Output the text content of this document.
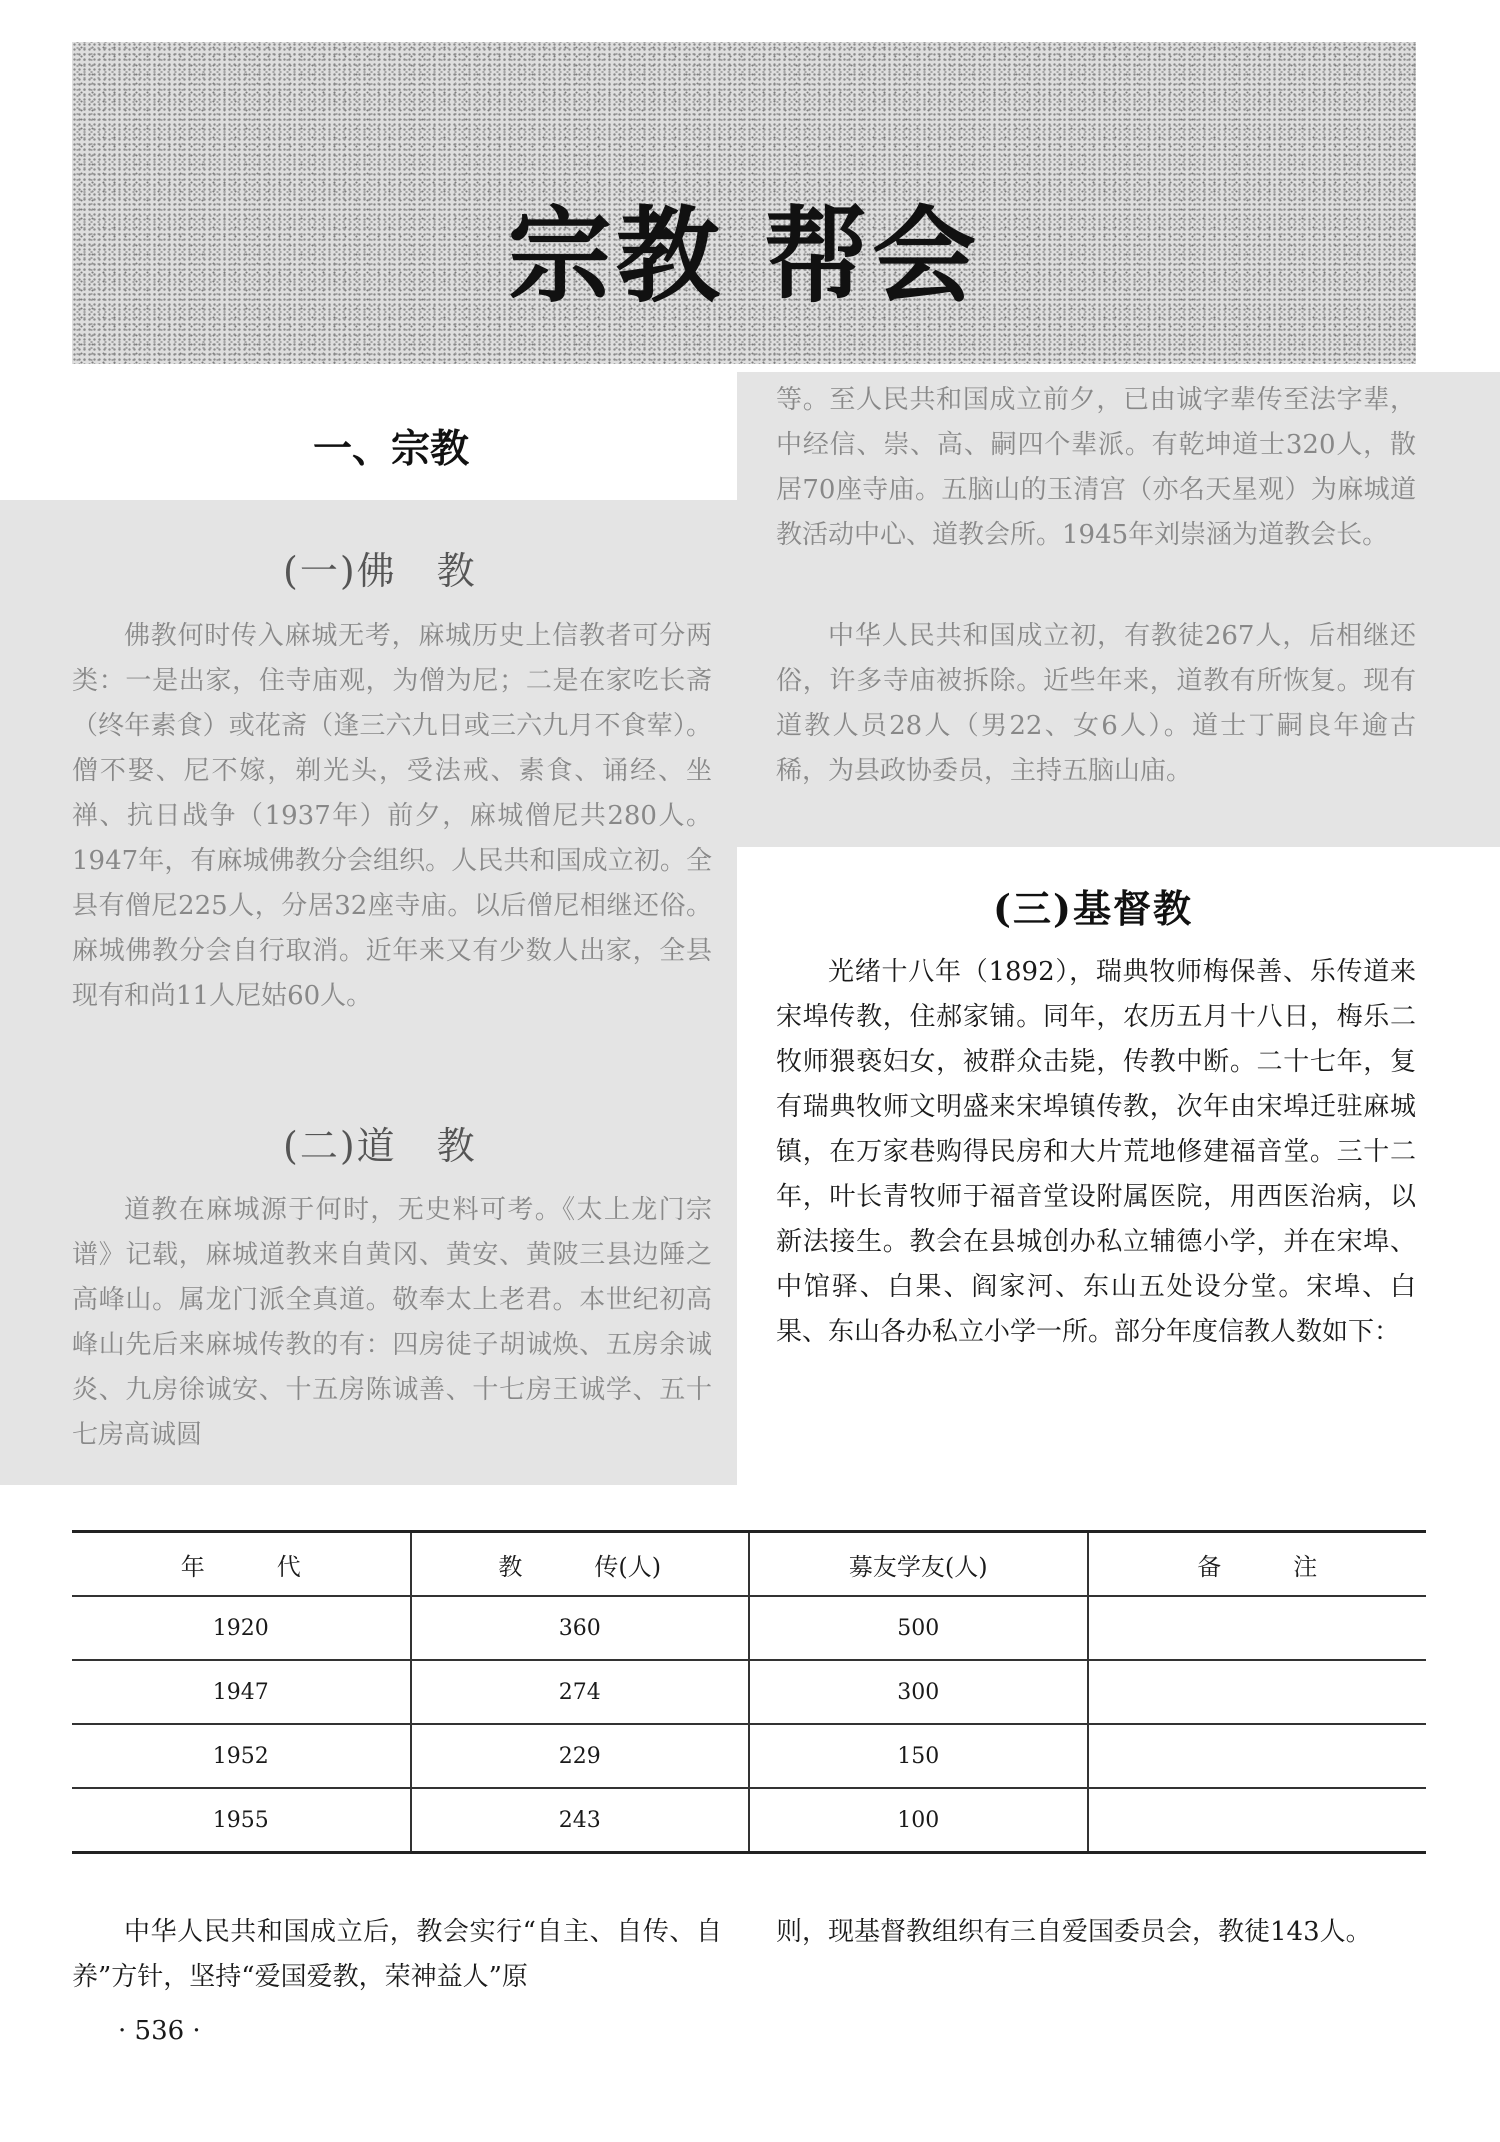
宗教 帮会
一、宗教
(一)佛　教

佛教何时传入麻城无考，麻城历史上信教者可分两类：一是出家，住寺庙观，为僧为尼；二是在家吃长斋（终年素食）或花斋（逢三六九日或三六九月不食荤）。僧不娶、尼不嫁，剃光头，受法戒、素食、诵经、坐禅、抗日战争（1937年）前夕，麻城僧尼共280人。1947年，有麻城佛教分会组织。人民共和国成立初。全县有僧尼225人，分居32座寺庙。以后僧尼相继还俗。麻城佛教分会自行取消。近年来又有少数人出家，全县现有和尚11人尼姑60人。

(二)道　教

道教在麻城源于何时，无史料可考。《太上龙门宗谱》记载，麻城道教来自黄冈、黄安、黄陂三县边陲之高峰山。属龙门派全真道。敬奉太上老君。本世纪初高峰山先后来麻城传教的有：四房徒子胡诚焕、五房余诚炎、九房徐诚安、十五房陈诚善、十七房王诚学、五十七房高诚圆

等。至人民共和国成立前夕，已由诚字辈传至法字辈，中经信、崇、高、嗣四个辈派。有乾坤道士320人，散居70座寺庙。五脑山的玉清宫（亦名天星观）为麻城道教活动中心、道教会所。1945年刘崇涵为道教会长。

中华人民共和国成立初，有教徒267人，后相继还俗，许多寺庙被拆除。近些年来，道教有所恢复。现有道教人员28人（男22、女6人）。道士丁嗣良年逾古稀，为县政协委员，主持五脑山庙。

(三)基督教

光绪十八年（1892），瑞典牧师梅保善、乐传道来宋埠传教，住郝家铺。同年，农历五月十八日，梅乐二牧师猥亵妇女，被群众击毙，传教中断。二十七年，复有瑞典牧师文明盛来宋埠镇传教，次年由宋埠迁驻麻城镇，在万家巷购得民房和大片荒地修建福音堂。三十二年，叶长青牧师于福音堂设附属医院，用西医治病，以新法接生。教会在县城创办私立辅德小学，并在宋埠、中馆驿、白果、阎家河、东山五处设分堂。宋埠、白果、东山各办私立小学一所。部分年度信教人数如下：

年　　　代	教　　　传(人)	募友学友(人)	备　　　注
1920	360	500	
1947	274	300	
1952	229	150	
1955	243	100	

中华人民共和国成立后，教会实行“自主、自传、自养”方针，坚持“爱国爱教，荣神益人”原

则，现基督教组织有三自爱国委员会，教徒143人。

· 536 ·
